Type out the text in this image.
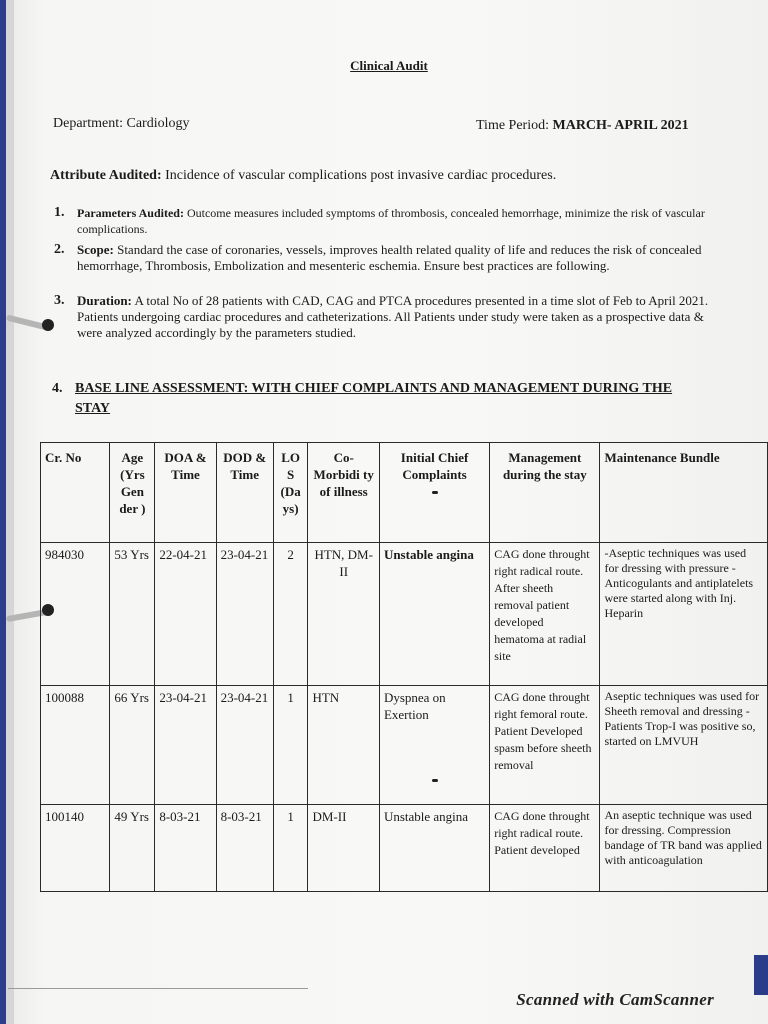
Clinical Audit
Department: Cardiology	Time Period: MARCH- APRIL 2021
Attribute Audited: Incidence of vascular complications post invasive cardiac procedures.
1. Parameters Audited: Outcome measures included symptoms of thrombosis, concealed hemorrhage, minimize the risk of vascular complications.
2. Scope: Standard the case of coronaries, vessels, improves health related quality of life and reduces the risk of concealed hemorrhage, Thrombosis, Embolization and mesenteric eschemia. Ensure best practices are following.
3. Duration: A total No of 28 patients with CAD, CAG and PTCA procedures presented in a time slot of Feb to April 2021. Patients undergoing cardiac procedures and catheterizations. All Patients under study were taken as a prospective data & were analyzed accordingly by the parameters studied.
4. BASE LINE ASSESSMENT: WITH CHIEF COMPLAINTS AND MANAGEMENT DURING THE STAY
Cr. No	Age (Yrs Gen der )	DOA & Time	DOD & Time	LO S (Da ys)	Co- Morbidi ty of illness	Initial Chief Complaints	Management during the stay	Maintenance Bundle
984030	53 Yrs	22-04-21	23-04-21	2	HTN, DM-II	Unstable angina	CAG done throught right radical route. After sheeth removal patient developed hematoma at radial site	-Aseptic techniques was used for dressing with pressure -Anticogulants and antiplatelets were started along with Inj. Heparin
100088	66 Yrs	23-04-21	23-04-21	1	HTN	Dyspnea on Exertion	CAG done throught right femoral route. Patient Developed spasm before sheeth removal	Aseptic techniques was used for Sheeth removal and dressing -Patients Trop-I was positive so, started on LMVUH
100140	49 Yrs	8-03-21	8-03-21	1	DM-II	Unstable angina	CAG done throught right radical route. Patient developed	An aseptic technique was used for dressing. Compression bandage of TR band was applied with anticoagulation
Scanned with CamScanner
